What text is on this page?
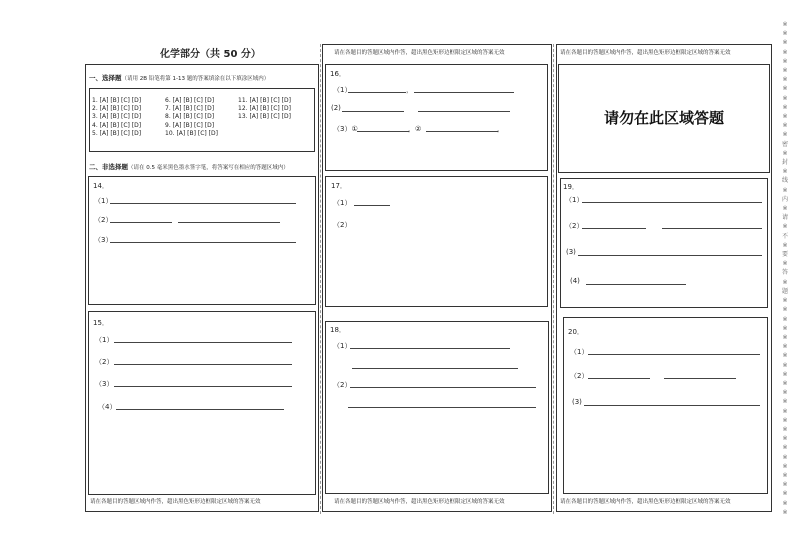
化学部分（共 50 分）
一、选择题（请用 2B 铅笔将第 1-13 题的答案填涂在以下填涂区域内）
1. [A] [B] [C] [D]
2. [A] [B] [C] [D]
3. [A] [B] [C] [D]
4. [A] [B] [C] [D]
5. [A] [B] [C] [D]
6. [A] [B] [C] [D]
7. [A] [B] [C] [D]
8. [A] [B] [C] [D]
9. [A] [B] [C] [D]
10. [A] [B] [C] [D]
11. [A] [B] [C] [D]
12. [A] [B] [C] [D]
13. [A] [B] [C] [D]
二、非选择题（请在 0.5 毫米黑色墨水签字笔，将答案写在相应的答题区域内）
14．
（1）
（2）
（3）
15．
（1）
（2）
（3）
（4）
请在各题目的答题区域内作答，超出黑色矩形边框限定区域的答案无效
请在各题目的答题区域内作答，超出黑色矩形边框限定区域的答案无效
16．
（1）	，
(2)
（3）①	，②	，
17．
（1）
（2）
18．
（1）
（2）
请在各题目的答题区域内作答，超出黑色矩形边框限定区域的答案无效
请在各题目的答题区域内作答，超出黑色矩形边框限定区域的答案无效
请勿在此区域答题
19．
（1）
（2）
(3)
(4)
20．
（1）
（2）
(3)
请在各题目的答题区域内作答，超出黑色矩形边框限定区域的答案无效
※
※
※
※
※
※
※
※
※
※
※
※
※
密
※
封
※
线
※
内
※
请
※
不
※
要
※
答
※
题
※
※
※
※
※
※
※
※
※
※
※
※
※
※
※
※
※
※
※
※
※
※
※
※
